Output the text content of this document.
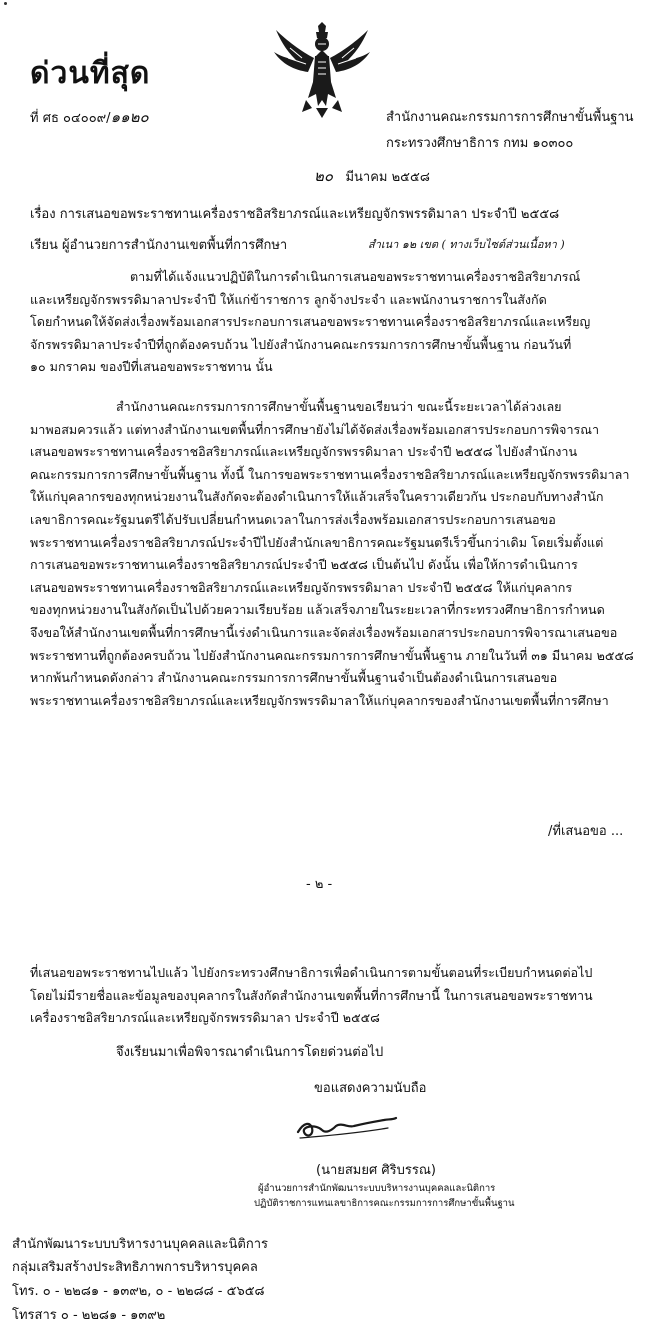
ด่วนที่สุด
ที่ ศธ ๐๔๐๐๙/๑๑๒๐	สำนักงานคณะกรรมการการศึกษาขั้นพื้นฐาน
กระทรวงศึกษาธิการ กทม ๑๐๓๐๐
๒๐ มีนาคม ๒๕๕๘
เรื่อง การเสนอขอพระราชทานเครื่องราชอิสริยาภรณ์และเหรียญจักรพรรดิมาลา ประจำปี ๒๕๕๘
เรียน ผู้อำนวยการสำนักงานเขตพื้นที่การศึกษา	สำเนา ๑๒ เขต ( ทางเว็บไซต์ส่วนเนื้อหา )
ตามที่ได้แจ้งแนวปฏิบัติในการดำเนินการเสนอขอพระราชทานเครื่องราชอิสริยาภรณ์
และเหรียญจักรพรรดิมาลาประจำปี ให้แก่ข้าราชการ ลูกจ้างประจำ และพนักงานราชการในสังกัด
โดยกำหนดให้จัดส่งเรื่องพร้อมเอกสารประกอบการเสนอขอพระราชทานเครื่องราชอิสริยาภรณ์และเหรียญ
จักรพรรดิมาลาประจำปีที่ถูกต้องครบถ้วน ไปยังสำนักงานคณะกรรมการการศึกษาขั้นพื้นฐาน ก่อนวันที่
๑๐ มกราคม ของปีที่เสนอขอพระราชทาน นั้น
สำนักงานคณะกรรมการการศึกษาขั้นพื้นฐานขอเรียนว่า ขณะนี้ระยะเวลาได้ล่วงเลย
มาพอสมควรแล้ว แต่ทางสำนักงานเขตพื้นที่การศึกษายังไม่ได้จัดส่งเรื่องพร้อมเอกสารประกอบการพิจารณา
เสนอขอพระราชทานเครื่องราชอิสริยาภรณ์และเหรียญจักรพรรดิมาลา ประจำปี ๒๕๕๘ ไปยังสำนักงาน
คณะกรรมการการศึกษาขั้นพื้นฐาน ทั้งนี้ ในการขอพระราชทานเครื่องราชอิสริยาภรณ์และเหรียญจักรพรรดิมาลา
ให้แก่บุคลากรของทุกหน่วยงานในสังกัดจะต้องดำเนินการให้แล้วเสร็จในคราวเดียวกัน ประกอบกับทางสำนัก
เลขาธิการคณะรัฐมนตรีได้ปรับเปลี่ยนกำหนดเวลาในการส่งเรื่องพร้อมเอกสารประกอบการเสนอขอ
พระราชทานเครื่องราชอิสริยาภรณ์ประจำปีไปยังสำนักเลขาธิการคณะรัฐมนตรีเร็วขึ้นกว่าเดิม โดยเริ่มตั้งแต่
การเสนอขอพระราชทานเครื่องราชอิสริยาภรณ์ประจำปี ๒๕๕๘ เป็นต้นไป ดังนั้น เพื่อให้การดำเนินการ
เสนอขอพระราชทานเครื่องราชอิสริยาภรณ์และเหรียญจักรพรรดิมาลา ประจำปี ๒๕๕๘ ให้แก่บุคลากร
ของทุกหน่วยงานในสังกัดเป็นไปด้วยความเรียบร้อย แล้วเสร็จภายในระยะเวลาที่กระทรวงศึกษาธิการกำหนด
จึงขอให้สำนักงานเขตพื้นที่การศึกษานี้เร่งดำเนินการและจัดส่งเรื่องพร้อมเอกสารประกอบการพิจารณาเสนอขอ
พระราชทานที่ถูกต้องครบถ้วน ไปยังสำนักงานคณะกรรมการการศึกษาขั้นพื้นฐาน ภายในวันที่ ๓๑ มีนาคม ๒๕๕๘
หากพ้นกำหนดดังกล่าว สำนักงานคณะกรรมการการศึกษาขั้นพื้นฐานจำเป็นต้องดำเนินการเสนอขอ
พระราชทานเครื่องราชอิสริยาภรณ์และเหรียญจักรพรรดิมาลาให้แก่บุคลากรของสำนักงานเขตพื้นที่การศึกษา
/ที่เสนอขอ ...
- ๒ -
ที่เสนอขอพระราชทานไปแล้ว ไปยังกระทรวงศึกษาธิการเพื่อดำเนินการตามขั้นตอนที่ระเบียบกำหนดต่อไป
โดยไม่มีรายชื่อและข้อมูลของบุคลากรในสังกัดสำนักงานเขตพื้นที่การศึกษานี้ ในการเสนอขอพระราชทาน
เครื่องราชอิสริยาภรณ์และเหรียญจักรพรรดิมาลา ประจำปี ๒๕๕๘
จึงเรียนมาเพื่อพิจารณาดำเนินการโดยด่วนต่อไป
ขอแสดงความนับถือ
(นายสมยศ ศิริบรรณ)
ผู้อำนวยการสำนักพัฒนาระบบบริหารงานบุคคลและนิติการ
ปฏิบัติราชการแทนเลขาธิการคณะกรรมการการศึกษาขั้นพื้นฐาน
สำนักพัฒนาระบบบริหารงานบุคคลและนิติการ
กลุ่มเสริมสร้างประสิทธิภาพการบริหารบุคคล
โทร. ๐ - ๒๒๘๑ - ๑๓๙๒, ๐ - ๒๒๘๘ - ๕๖๕๘
โทรสาร ๐ - ๒๒๘๑ - ๑๓๙๒
